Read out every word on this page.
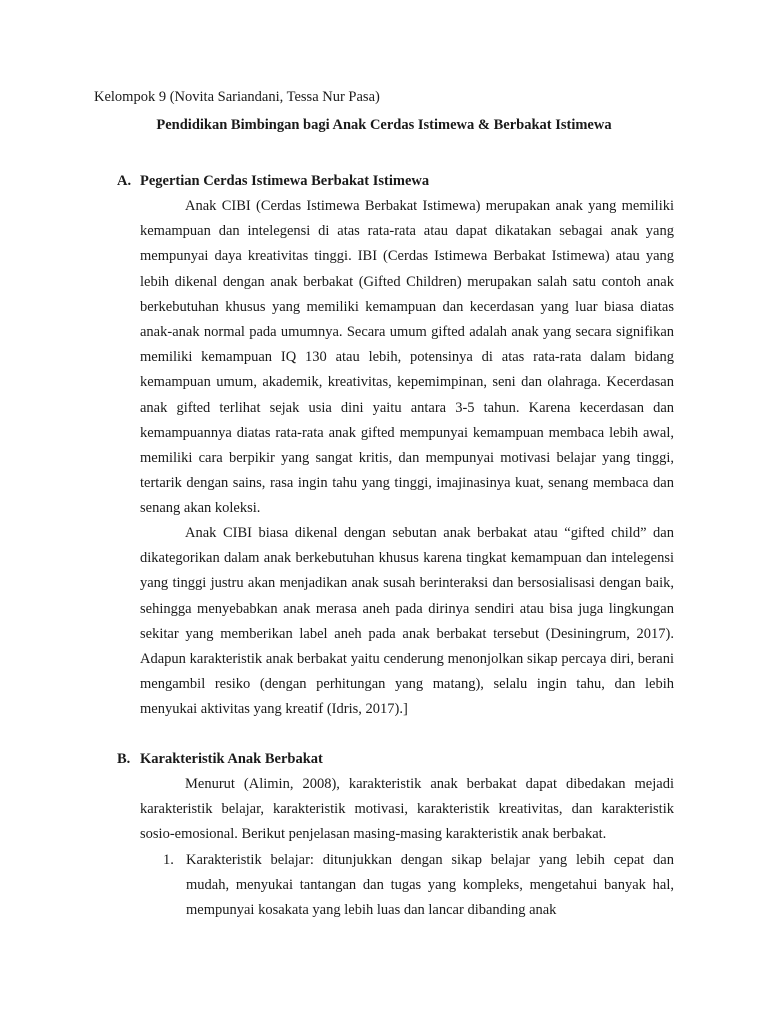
Kelompok 9 (Novita Sariandani, Tessa Nur Pasa)
Pendidikan Bimbingan bagi Anak Cerdas Istimewa & Berbakat Istimewa
A. Pegertian Cerdas Istimewa Berbakat Istimewa

Anak CIBI (Cerdas Istimewa Berbakat Istimewa) merupakan anak yang memiliki kemampuan dan intelegensi di atas rata-rata atau dapat dikatakan sebagai anak yang mempunyai daya kreativitas tinggi. IBI (Cerdas Istimewa Berbakat Istimewa) atau yang lebih dikenal dengan anak berbakat (Gifted Children) merupakan salah satu contoh anak berkebutuhan khusus yang memiliki kemampuan dan kecerdasan yang luar biasa diatas anak-anak normal pada umumnya. Secara umum gifted adalah anak yang secara signifikan memiliki kemampuan IQ 130 atau lebih, potensinya di atas rata-rata dalam bidang kemampuan umum, akademik, kreativitas, kepemimpinan, seni dan olahraga. Kecerdasan anak gifted terlihat sejak usia dini yaitu antara 3-5 tahun. Karena kecerdasan dan kemampuannya diatas rata-rata anak gifted mempunyai kemampuan membaca lebih awal, memiliki cara berpikir yang sangat kritis, dan mempunyai motivasi belajar yang tinggi, tertarik dengan sains, rasa ingin tahu yang tinggi, imajinasinya kuat, senang membaca dan senang akan koleksi.

Anak CIBI biasa dikenal dengan sebutan anak berbakat atau “gifted child” dan dikategorikan dalam anak berkebutuhan khusus karena tingkat kemampuan dan intelegensi yang tinggi justru akan menjadikan anak susah berinteraksi dan bersosialisasi dengan baik, sehingga menyebabkan anak merasa aneh pada dirinya sendiri atau bisa juga lingkungan sekitar yang memberikan label aneh pada anak berbakat tersebut (Desiningrum, 2017). Adapun karakteristik anak berbakat yaitu cenderung menonjolkan sikap percaya diri, berani mengambil resiko (dengan perhitungan yang matang), selalu ingin tahu, dan lebih menyukai aktivitas yang kreatif (Idris, 2017).]

B. Karakteristik Anak Berbakat

Menurut (Alimin, 2008), karakteristik anak berbakat dapat dibedakan mejadi karakteristik belajar, karakteristik motivasi, karakteristik kreativitas, dan karakteristik sosio-emosional. Berikut penjelasan masing-masing karakteristik anak berbakat.

1. Karakteristik belajar: ditunjukkan dengan sikap belajar yang lebih cepat dan mudah, menyukai tantangan dan tugas yang kompleks, mengetahui banyak hal, mempunyai kosakata yang lebih luas dan lancar dibanding anak
